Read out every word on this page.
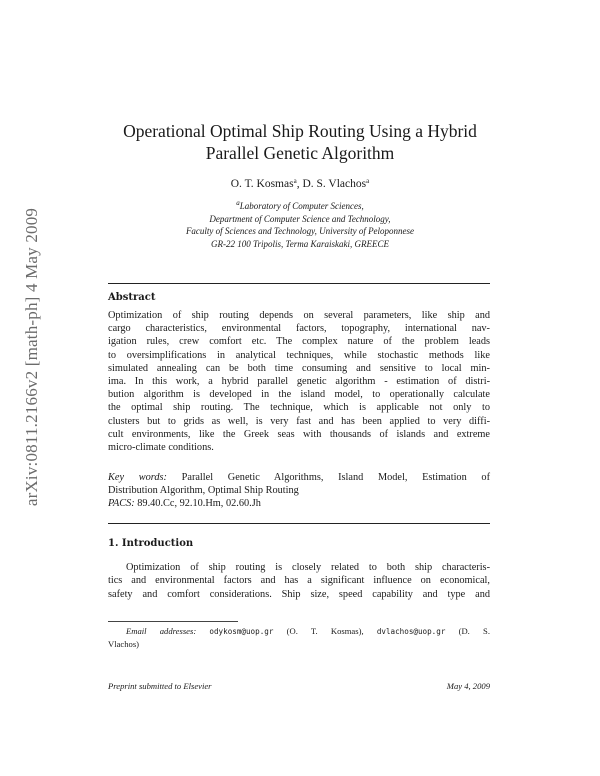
arXiv:0811.2166v2 [math-ph] 4 May 2009
Operational Optimal Ship Routing Using a Hybrid
Parallel Genetic Algorithm
O. T. Kosmas$^a$, D. S. Vlachos$^a$
$^a$Laboratory of Computer Sciences,
Department of Computer Science and Technology,
Faculty of Sciences and Technology, University of Peloponnese
GR-22 100 Tripolis, Terma Karaiskaki, GREECE
Abstract
Optimization of ship routing depends on several parameters, like ship and
cargo characteristics, environmental factors, topography, international nav-
igation rules, crew comfort etc. The complex nature of the problem leads
to oversimplifications in analytical techniques, while stochastic methods like
simulated annealing can be both time consuming and sensitive to local min-
ima. In this work, a hybrid parallel genetic algorithm - estimation of distri-
bution algorithm is developed in the island model, to operationally calculate
the optimal ship routing. The technique, which is applicable not only to
clusters but to grids as well, is very fast and has been applied to very diffi-
cult environments, like the Greek seas with thousands of islands and extreme
micro-climate conditions.
Key words: Parallel Genetic Algorithms, Island Model, Estimation of
Distribution Algorithm, Optimal Ship Routing
PACS: 89.40.Cc, 92.10.Hm, 02.60.Jh
1. Introduction
Optimization of ship routing is closely related to both ship characteris-
tics and environmental factors and has a significant influence on economical,
safety and comfort considerations. Ship size, speed capability and type and
Email addresses: odykosm@uop.gr (O. T. Kosmas), dvlachos@uop.gr (D. S.
Vlachos)
Preprint submitted to Elsevier	May 4, 2009
